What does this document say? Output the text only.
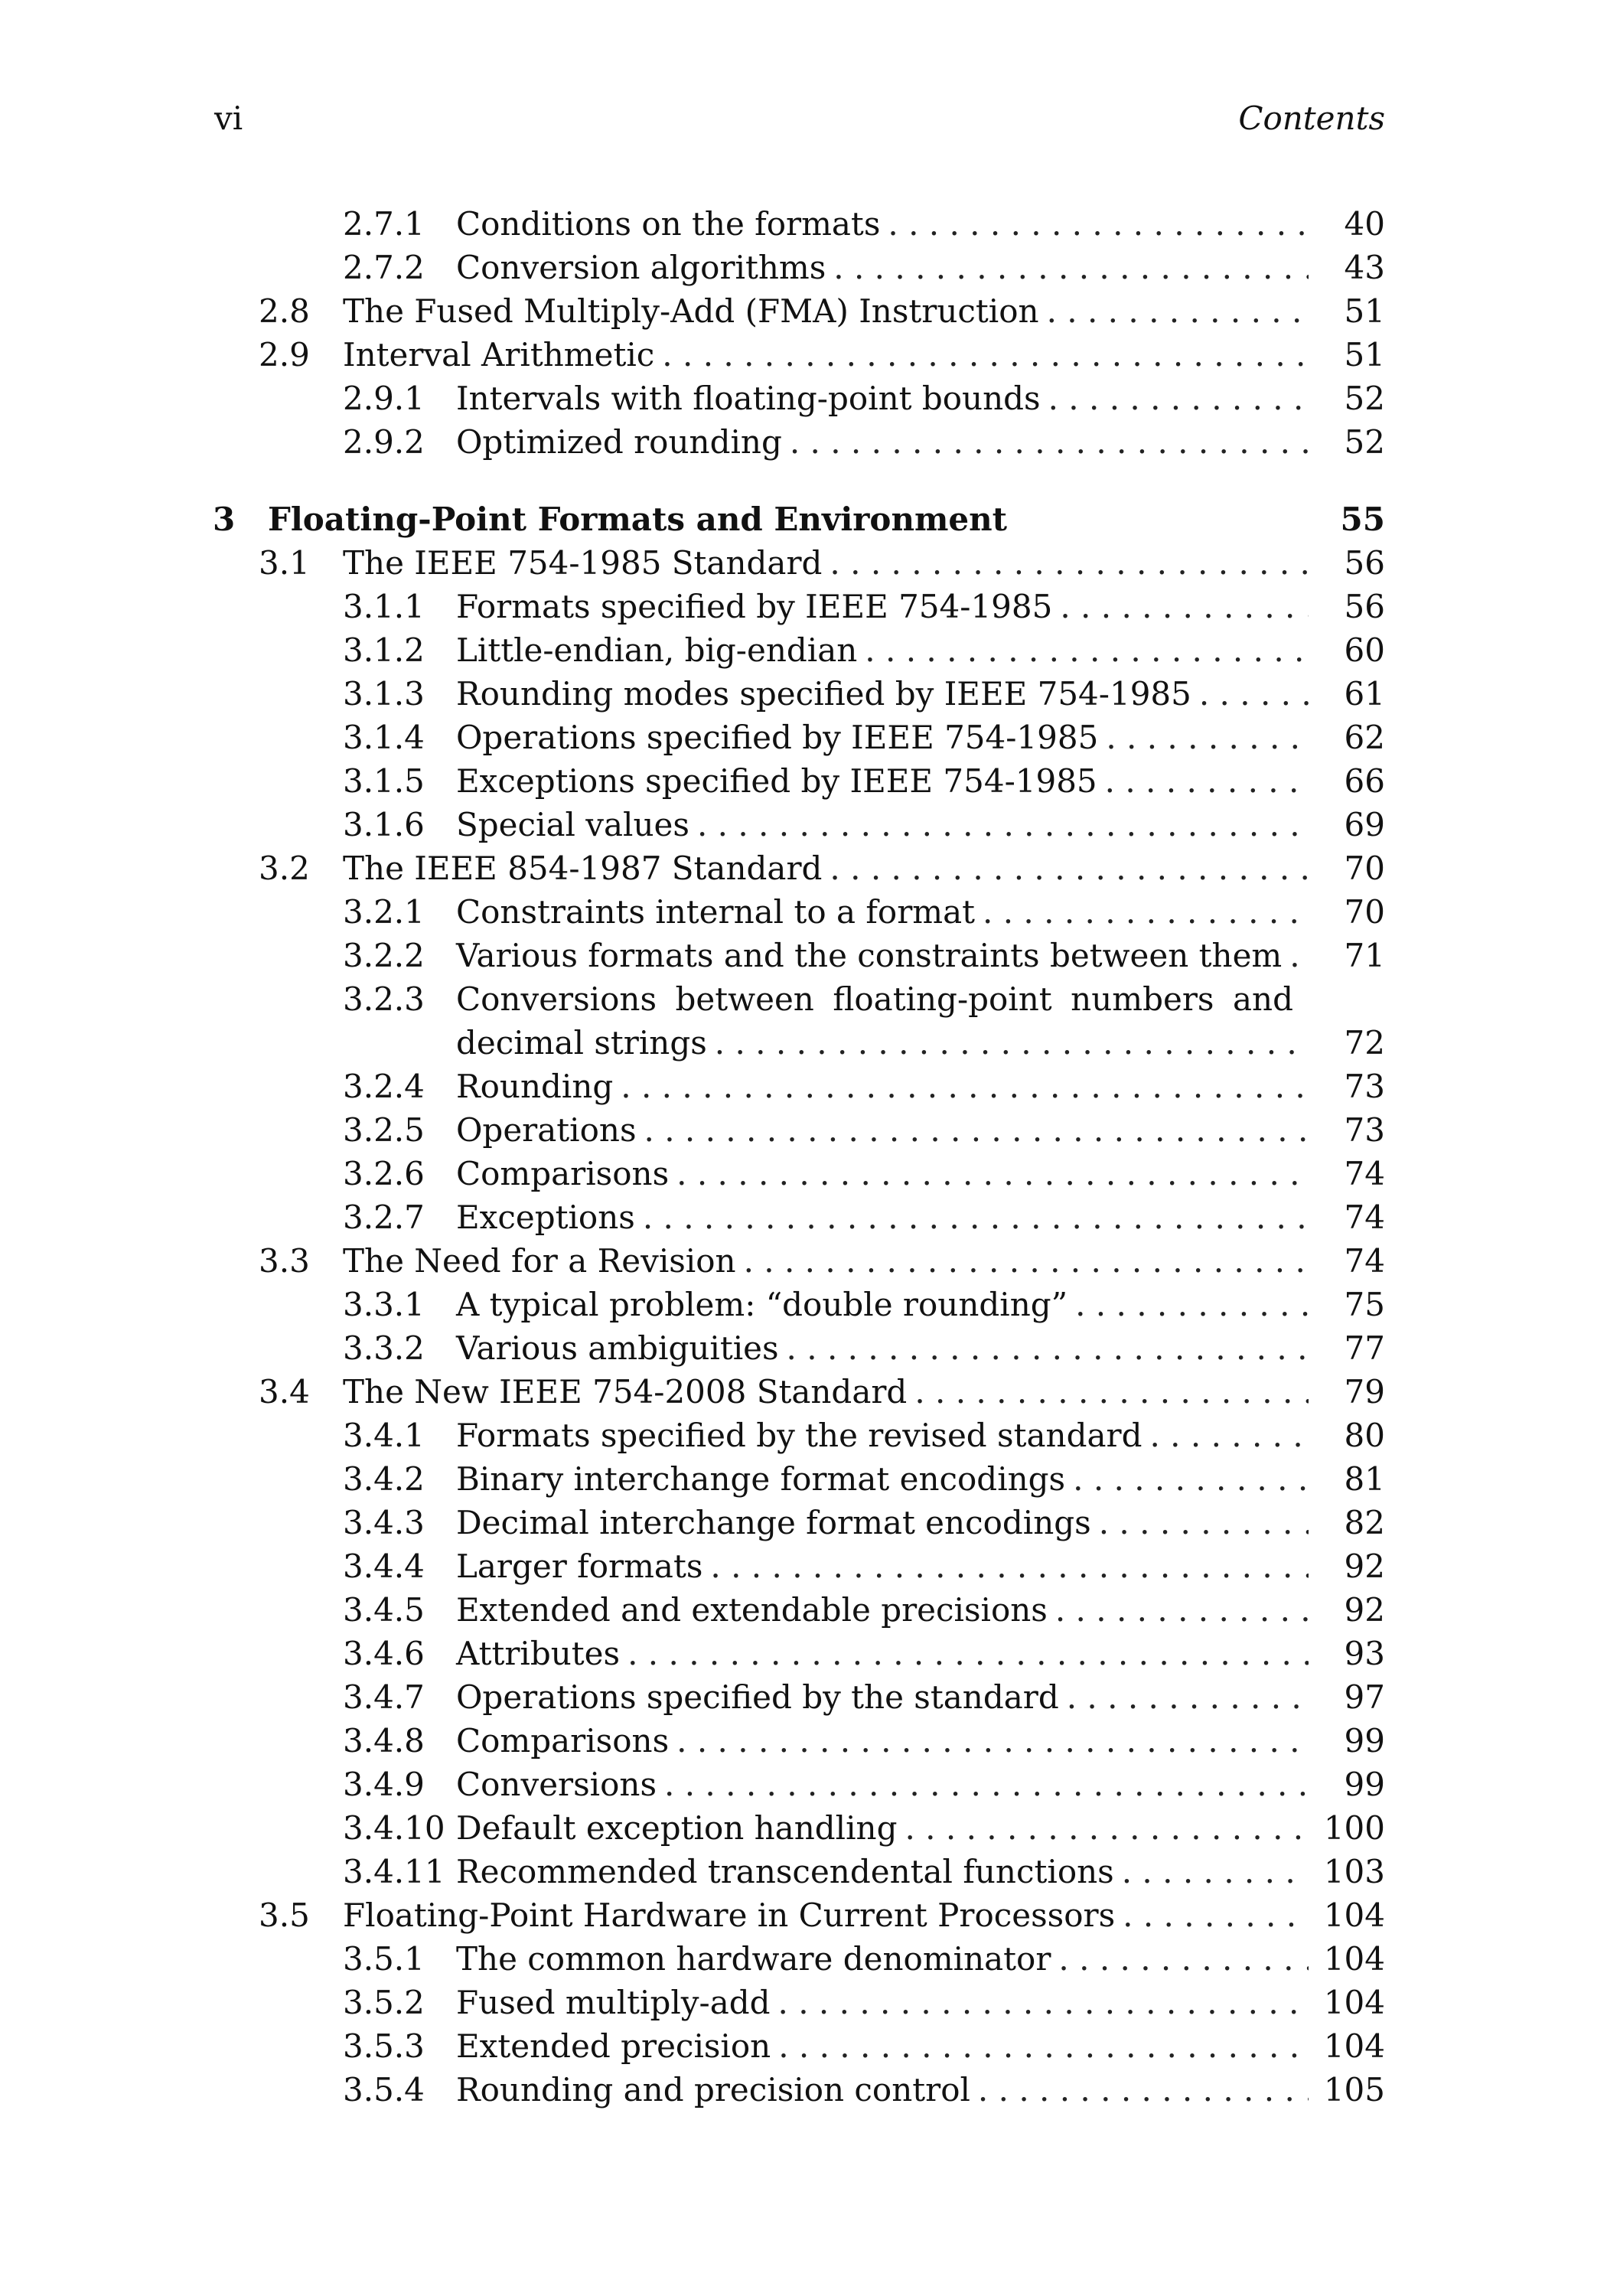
vi	Contents
2.7.1 Conditions on the formats . . .	40
2.7.2 Conversion algorithms . . .	43
2.8 The Fused Multiply-Add (FMA) Instruction . . .	51
2.9 Interval Arithmetic . . .	51
2.9.1 Intervals with floating-point bounds . . .	52
2.9.2 Optimized rounding . . .	52
3 Floating-Point Formats and Environment	55
3.1 The IEEE 754-1985 Standard . . .	56
3.1.1 Formats specified by IEEE 754-1985 . . .	56
3.1.2 Little-endian, big-endian . . .	60
3.1.3 Rounding modes specified by IEEE 754-1985 . . .	61
3.1.4 Operations specified by IEEE 754-1985 . . .	62
3.1.5 Exceptions specified by IEEE 754-1985 . . .	66
3.1.6 Special values . . .	69
3.2 The IEEE 854-1987 Standard . . .	70
3.2.1 Constraints internal to a format . . .	70
3.2.2 Various formats and the constraints between them . . .	71
3.2.3 Conversions between floating-point numbers and
decimal strings
. . .	72
3.2.4 Rounding . . .	73
3.2.5 Operations . . .	73
3.2.6 Comparisons . . .	74
3.2.7 Exceptions . . .	74
3.3 The Need for a Revision . . .	74
3.3.1 A typical problem: “double rounding” . . .	75
3.3.2 Various ambiguities . . .	77
3.4 The New IEEE 754-2008 Standard . . .	79
3.4.1 Formats specified by the revised standard . . .	80
3.4.2 Binary interchange format encodings . . .	81
3.4.3 Decimal interchange format encodings . . .	82
3.4.4 Larger formats . . .	92
3.4.5 Extended and extendable precisions . . .	92
3.4.6 Attributes . . .	93
3.4.7 Operations specified by the standard . . .	97
3.4.8 Comparisons . . .	99
3.4.9 Conversions . . .	99
3.4.10 Default exception handling . . .	100
3.4.11 Recommended transcendental functions . . .	103
3.5 Floating-Point Hardware in Current Processors . . .	104
3.5.1 The common hardware denominator . . .	104
3.5.2 Fused multiply-add . . .	104
3.5.3 Extended precision . . .	104
3.5.4 Rounding and precision control . . .	105
